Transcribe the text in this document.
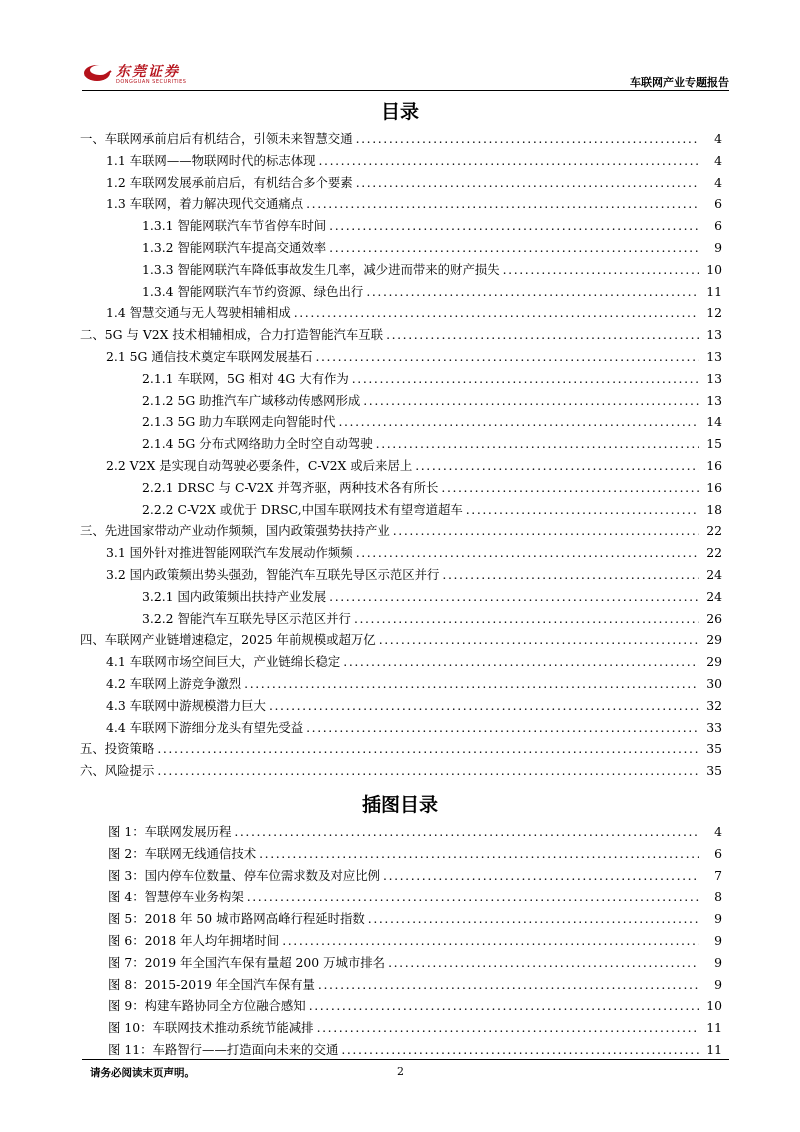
东莞证券
DONGGUAN SECURITIES	车联网产业专题报告
目录
一、车联网承前启后有机结合，引领未来智慧交通 .....	4
1.1 车联网——物联网时代的标志体现 .....	4
1.2 车联网发展承前启后，有机结合多个要素 .....	4
1.3 车联网，着力解决现代交通痛点 .....	6
1.3.1 智能网联汽车节省停车时间 .....	6
1.3.2 智能网联汽车提高交通效率 .....	9
1.3.3 智能网联汽车降低事故发生几率，减少进而带来的财产损失 .....	10
1.3.4 智能网联汽车节约资源、绿色出行 .....	11
1.4 智慧交通与无人驾驶相辅相成 .....	12
二、5G 与 V2X 技术相辅相成，合力打造智能汽车互联 .....	13
2.1 5G 通信技术奠定车联网发展基石 .....	13
2.1.1 车联网，5G 相对 4G 大有作为 .....	13
2.1.2 5G 助推汽车广域移动传感网形成 .....	13
2.1.3 5G 助力车联网走向智能时代 .....	14
2.1.4 5G 分布式网络助力全时空自动驾驶 .....	15
2.2 V2X 是实现自动驾驶必要条件，C-V2X 或后来居上 .....	16
2.2.1 DRSC 与 C-V2X 并驾齐驱，两种技术各有所长 .....	16
2.2.2 C-V2X 或优于 DRSC,中国车联网技术有望弯道超车 .....	18
三、先进国家带动产业动作频频，国内政策强势扶持产业 .....	22
3.1 国外针对推进智能网联汽车发展动作频频 .....	22
3.2 国内政策频出势头强劲，智能汽车互联先导区示范区并行 .....	24
3.2.1 国内政策频出扶持产业发展 .....	24
3.2.2 智能汽车互联先导区示范区并行 .....	26
四、车联网产业链增速稳定，2025 年前规模或超万亿 .....	29
4.1 车联网市场空间巨大，产业链绵长稳定 .....	29
4.2 车联网上游竞争激烈 .....	30
4.3 车联网中游规模潜力巨大 .....	32
4.4 车联网下游细分龙头有望先受益 .....	33
五、投资策略 .....	35
六、风险提示 .....	35
插图目录
图 1：车联网发展历程 .....	4
图 2：车联网无线通信技术 .....	6
图 3：国内停车位数量、停车位需求数及对应比例 .....	7
图 4：智慧停车业务构架 .....	8
图 5：2018 年 50 城市路网高峰行程延时指数 .....	9
图 6：2018 年人均年拥堵时间 .....	9
图 7：2019 年全国汽车保有量超 200 万城市排名 .....	9
图 8：2015-2019 年全国汽车保有量 .....	9
图 9：构建车路协同全方位融合感知 .....	10
图 10：车联网技术推动系统节能减排 .....	11
图 11：车路智行——打造面向未来的交通 .....	11
请务必阅读末页声明。	2
